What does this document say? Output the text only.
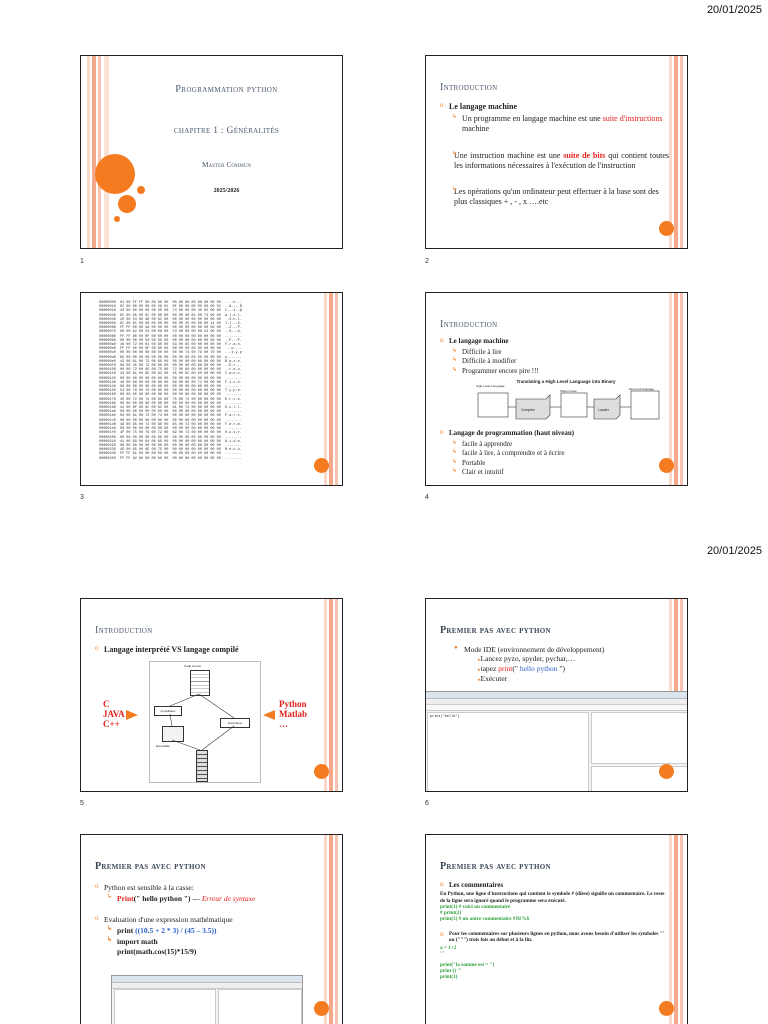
20/01/2025
20/01/2025
Programmation python
chapitre 1 : Généralités
Master Commun
2025/2026
1
Introduction
o Le langage machine
↳ Un programme en langage machine est une suite d'instructions machine
↳ Une instruction machine est une suite de bits qui contient toutes les informations nécessaires à l'exécution de l'instruction
↳ Les opérations qu'un ordinateur peut effectuer à la base sont des plus classiques + , - , x ….etc
2
00000000  01 00 FF FF 00 00 00 00  00 00 00 00 68 00 00 00  ....h...
00000010  0C 00 00 00 00 00 26 01  0F 00 00 00 00 00 00 52  ..&....R
00000020  43 00 00 00 00 00 00 00  74 00 00 00 40 02 00 80  C...t..@
00000030  6C 00 65 00 6C 00 00 00  00 00 00 65 00 73 00 00  a.l.e.l.
00000040  20 00 53 00 68 00 6C 00  00 00 00 00 00 00 00 00   .S.h.l.
00000050  6C 00 6C 00 00 00 00 00  00 00 35 00 00 00 14 00  l.l...5.
00000060  FF FF 00 00 5A 00 00 00  00 00 00 00 00 00 50 00  ..Z...P.
00000070  00 00 A2 00 53 00 08 00  C3 00 00 00 00 23 00 00  ..S...#.
00000080  FF FF 80 00 0F 00 00 00  00 00 00 00 00 00 00 00  ........
00000090  00 00 00 00 50 00 00 00  00 00 00 00 00 00 50 00  ..P...P.
000000a0  46 00 72 00 61 00 6E 00  63 00 65 00 00 00 00 00  F.r.a.n.
000000b0  FF FF 00 00 6F 00 00 00  00 00 00 00 00 00 00 00  ...o....
000000c0  00 00 00 00 00 00 00 00  00 00 74 00 79 00 70 00  ...t.y.p
000000d0  65 00 00 00 00 00 00 00  00 00 00 00 00 00 00 00  e.......
000000e0  42 00 61 00 73 00 65 00  00 00 00 00 00 00 00 00  B.a.s.e.
000000f0  00 00 45 00 72 00 00 00  00 00 00 00 00 00 00 00  ..E.r...
00000100  00 00 72 00 65 00 75 00  72 00 00 00 00 00 00 00  ..r.e.u.
00000110  43 00 61 00 6E 00 63 00  65 00 6C 00 00 00 00 00  C.a.n.c.
00000120  00 00 00 00 00 00 00 00  00 00 00 00 00 00 00 00  ........
00000130  46 00 69 00 63 00 68 00  69 00 65 00 72 00 00 00  F.i.c.h.
00000140  00 00 00 00 00 00 00 00  00 00 00 00 00 00 00 00  ........
00000150  54 00 79 00 70 00 65 00  00 00 00 00 00 00 00 00  T.y.p.e.
00000160  00 00 00 00 00 00 00 00  00 00 00 00 00 00 00 00  ........
00000170  45 00 72 00 72 00 65 00  75 00 72 00 00 00 00 00  E.r.r.e.
00000180  00 00 00 00 00 00 00 00  00 00 00 00 00 00 00 00  ........
00000190  44 00 6F 00 6C 00 6C 00  61 00 72 00 00 00 00 00  D.o.l.l.
000001a0  00 00 00 00 00 00 00 00  00 00 00 00 00 00 00 00  ........
000001b0  50 00 61 00 72 00 74 00  00 00 00 00 00 00 00 00  P.a.r.t.
000001c0  00 00 00 00 00 00 00 00  00 00 00 00 00 00 00 00  ........
000001d0  46 00 65 00 72 00 6D 00  65 00 72 00 00 00 00 00  F.e.r.m.
000001e0  00 00 00 00 00 00 00 00  00 00 00 00 00 00 00 00  ........
000001f0  4F 00 75 00 76 00 72 00  69 00 72 00 00 00 00 00  O.u.v.r.
00000200  00 00 00 00 00 00 00 00  00 00 00 00 00 00 00 00  ........
00000210  41 00 69 00 64 00 65 00  00 00 00 00 00 00 00 00  A.i.d.e.
00000220  00 00 00 00 00 00 00 00  00 00 00 00 00 00 00 00  ........
00000230  4D 00 65 00 6E 00 75 00  00 00 00 00 00 00 00 00  M.e.n.u.
00000240  FF FF 81 00 00 00 00 00  00 00 00 00 00 00 00 00  ........
00000250  FF FF 82 00 00 00 00 00  00 00 00 00 00 00 00 00  ........
3
Introduction
o Le langage machine
↳ Difficile à lire
↳ Difficile à modifier
↳ Programmer encore pire !!!
Translating a High Level Language into Binary
High-Level Language
Compiler
Object Code
Loader
Memory/Language
o Langage de programmation (haut niveau)
↳ facile à apprendre
↳ facile à lire, à comprendre et à écrire
↳ Portable
↳ Clair et intuitif
4
Introduction
o Langage interprété VS langage compilé
C
JAVA
C++
Code source
Compilateur
Interpréteur
Exécutable
Python
Matlab
…
5
Premier pas avec python
● Mode IDE (environnement de développement)
▸Lancez pyzo, spyder, pychar,…
▸tapez print(" hello python ")
▸Exécuter
print("hello")
6
Premier pas avec python
o Python est sensible à la casse:
↳ Print(" hello python ") --- Erreur de syntaxe
o Evaluation d'une expression mathématique
↳ print ((10.5 + 2 * 3) / (45 – 3.5))
↳ import math
print(math.cos(15)*15/9)
Premier pas avec python
o Les commentaires
En Python, une ligne d'instructions qui contient le symbole # (dièse) signifie un commentaire. Le reste de la ligne sera ignoré quand le programme sera exécuté.
print(1) # voici un commentaire
# print(2)
print(3) # un autre commentaire #!$!%$
o Pour les commentaires sur plusieurs lignes en python, nous avons besoin d'utiliser les symboles ''' ou (""") trois fois au début et à la fin.
a = 1+2
'''
print("la somme est = ")
print () '''
print(1)
